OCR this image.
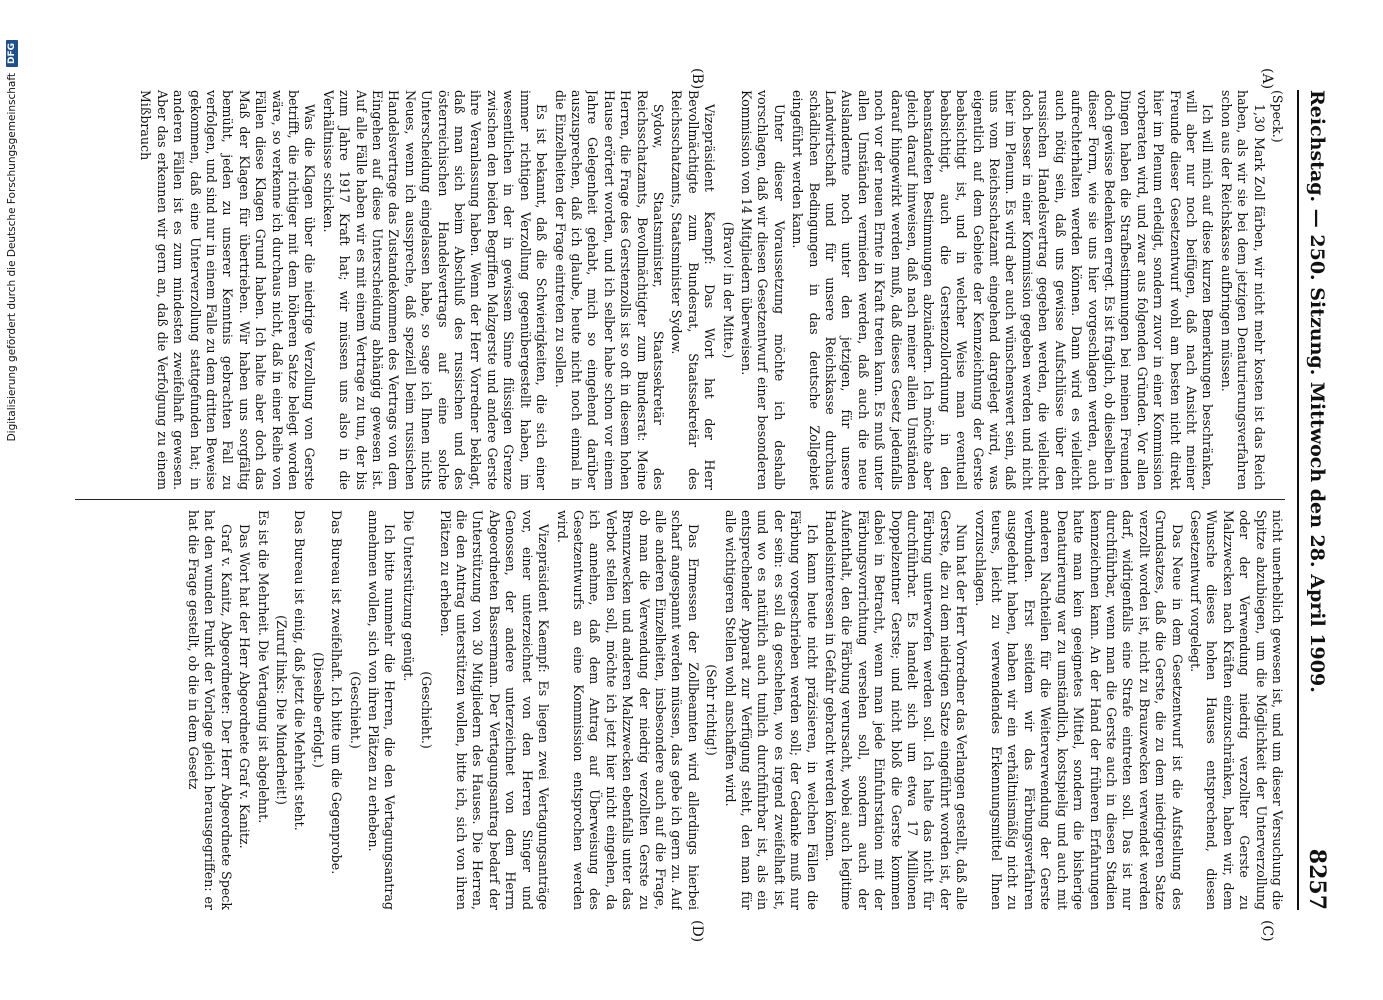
Reichstag. — 250. Sitzung. Mittwoch den 28. April 1909.
8257
(A)
(B)
(C)
(D)

(Speck.)

1,30 Mark Zoll färben, wir nicht mehr kosten ist das Reich haben, als wir sie bei dem jetzigen Denaturierungsverfahren schon aus der Reichskasse aufbringen müssen.

Ich will mich auf diese kurzen Bemerkungen beschränken, will aber nur noch beifügen, daß nach Ansicht meiner Freunde dieser Gesetzentwurf wohl am besten nicht direkt hier im Plenum erledigt, sondern zuvor in einer Kommission vorberaten wird, und zwar aus folgenden Gründen. Vor allen Dingen haben die Strafbestimmungen bei meinen Freunden doch gewisse Bedenken erregt. Es ist fraglich, ob dieselben in dieser Form, wie sie uns hier vorgeschlagen werden, auch aufrechterhalten werden können. Dann wird es vielleicht auch nötig sein, daß uns gewisse Aufschlüsse über den russischen Handelsvertrag gegeben werden, die vielleicht doch besser in einer Kommission gegeben werden und nicht hier im Plenum. Es wird aber auch wünschenswert sein, daß uns vom Reichsschatzamt eingehend dargelegt wird, was eigentlich auf dem Gebiete der Kennzeichnung der Gerste beabsichtigt ist, und in welcher Weise man eventuell beabsichtigt, auch die Gerstenzollordnung in den beanstandeten Bestimmungen abzuändern. Ich möchte aber gleich darauf hinweisen, daß nach meiner allein Umständen darauf hingewirkt werden muß, daß dieses Gesetz jedenfalls noch vor der neuen Ernte in Kraft treten kann. Es muß unter allen Umständen vermieden werden, daß auch die neue Auslandernte noch unter den jetzigen, für unsere Landwirtschaft und für unsere Reichskasse durchaus schädlichen Bedingungen in das deutsche Zollgebiet eingeführt werden kann.

Unter dieser Voraussetzung möchte ich deshalb vorschlagen, daß wir diesen Gesetzentwurf einer besonderen Kommission von 14 Mitgliedern überweisen.

(Bravo! in der Mitte.)

Vizepräsident Kaempf: Das Wort hat der Herr Bevollmächtigte zum Bundesrat, Staatssekretär des Reichsschatzamts, Staatsminister Sydow.

Sydow, Staatsminister, Staatssekretär des Reichsschatzamts, Bevollmächtigter zum Bundesrat: Meine Herren, die Frage des Gerstenzolls ist so oft in diesem hohen Hause erörtert worden, und ich selber habe schon vor einem Jahre Gelegenheit gehabt, mich so eingehend darüber auszusprechen, daß ich glaube, heute nicht noch einmal in die Einzelheiten der Frage eintreten zu sollen.

Es ist bekannt, daß die Schwierigkeiten, die sich einer immer richtigen Verzollung gegenübergestellt haben, im wesentlichen in der in gewissem Sinne flüssigen Grenze zwischen den beiden Begriffen Malzgerste und andere Gerste ihre Veranlassung haben. Wenn der Herr Vorredner beklagt, daß man sich beim Abschluß des russischen und des österreichischen Handelsvertrags auf eine solche Unterscheidung eingelassen habe, so sage ich Ihnen nichts Neues, wenn ich ausspreche, daß speziell beim russischen Handelsvertrage das Zustandekommen des Vertrags von dem Eingehen auf diese Unterscheidung abhängig gewesen ist. Auf alle Fälle haben wir es mit einem Vertrage zu tun, der bis zum Jahre 1917 Kraft hat; wir müssen uns also in die Verhältnisse schicken.

Was die Klagen über die niedrige Verzollung von Gerste betrifft, die richtiger mit dem höheren Satze belegt worden wäre, so verkenne ich durchaus nicht, daß in einer Reihe von Fällen diese Klagen Grund haben. Ich halte aber doch das Maß der Klagen für übertrieben. Wir haben uns sorgfältig bemüht, jeden zu unserer Kenntnis gebrachten Fall zu verfolgen, und sind nur in einem Falle zu dem dritten Beweise gekommen, daß eine Unterverzollung stattgefunden hat; in anderen Fällen ist es zum mindesten zweifelhaft gewesen. Aber das erkennen wir gern an, daß die Verfolgung zu einem Mißbrauch

nicht unerheblich gewesen ist, und um dieser Versuchung die Spitze abzubiegen, um die Möglichkeit der Unterverzollung oder der Verwendung niedrig verzollter Gerste zu Malzzwecken nach Kräften einzuschränken, haben wir, dem Wunsche dieses hohen Hauses entsprechend, diesen Gesetzentwurf vorgelegt.

Das Neue in dem Gesetzentwurf ist die Aufstellung des Grundsatzes, daß die Gerste, die zu dem niedrigeren Satze verzollt worden ist, nicht zu Brauzwecken verwendet werden darf, widrigenfalls eine Strafe eintreten soll. Das ist nur durchführbar, wenn man die Gerste auch in diesen Stadien kennzeichnen kann. An der Hand der früheren Erfahrungen hatte man kein geeignetes Mittel, sondern die bisherige Denaturierung war zu umständlich, kostspielig und auch mit anderen Nachteilen für die Weiterverwendung der Gerste verbunden. Erst seitdem wir das Färbungsverfahren ausgedehnt haben, haben wir ein verhältnismäßig nicht zu teures, leicht zu verwendendes Erkennungsmittel Ihnen vorzuschlagen.

Nun hat der Herr Vorredner das Verlangen gestellt, daß alle Gerste, die zu dem niedrigen Satze eingeführt worden ist, der Färbung unterworfen werden soll. Ich halte das nicht für durchführbar. Es handelt sich um etwa 17 Millionen Doppelzentner Gerste; und nicht bloß die Gerste kommen dabei in Betracht, wenn man jede Einfuhrstation mit der Färbungsvorrichtung versehen soll, sondern auch der Aufenthalt, den die Färbung verursacht, wobei auch legitime Handelsinteressen in Gefahr gebracht werden können.

Ich kann heute nicht präzisieren, in welchen Fällen die Färbung vorgeschrieben werden soll; der Gedanke muß nur der sein: es soll da geschehen, wo es irgend zweifelhaft ist, und wo es natürlich auch tunlich durchführbar ist, als ein entsprechender Apparat zur Verfügung steht, den man für alle wichtigeren Stellen wohl anschaffen wird.

(Sehr richtig!)

Das Ermessen der Zollbeamten wird allerdings hierbei scharf angespannt werden müssen, das gebe ich gern zu. Auf alle anderen Einzelheiten, insbesondere auch auf die Frage, ob man die Verwendung der niedrig verzollten Gerste zu Brennzwecken und anderen Malzzwecken ebenfalls unter das Verbot stellen soll, möchte ich jetzt hier nicht eingehen, da ich annehme, daß dem Antrag auf Überweisung des Gesetzentwurfs an eine Kommission entsprochen werden wird.

Vizepräsident Kaempf: Es liegen zwei Vertagungsanträge vor, einer unterzeichnet von den Herren Singer und Genossen, der andere unterzeichnet von dem Herrn Abgeordneten Bassermann. Der Vertagungsantrag bedarf der Unterstützung von 30 Mitgliedern des Hauses. Die Herren, die den Antrag unterstützen wollen, bitte ich, sich von ihren Plätzen zu erheben.

(Geschieht.)

Die Unterstützung genügt.

Ich bitte nunmehr die Herren, die den Vertagungsantrag annehmen wollen, sich von ihren Plätzen zu erheben.

(Geschieht.)

Das Bureau ist zweifelhaft. Ich bitte um die Gegenprobe.

(Dieselbe erfolgt.)

Das Bureau ist einig, daß jetzt die Mehrheit steht.

(Zuruf links: Die Minderheit!)

Es ist die Mehrheit. Die Vertagung ist abgelehnt.

Das Wort hat der Herr Abgeordnete Graf v. Kanitz.

Graf v. Kanitz, Abgeordneter: Der Herr Abgeordnete Speck hat den wunden Punkt der Vorlage gleich herausgegriffen: er hat die Frage gestellt, ob die in dem Gesetz

Digitalisierung gefördert durch die Deutsche Forschungsgemeinschaft
DFG
